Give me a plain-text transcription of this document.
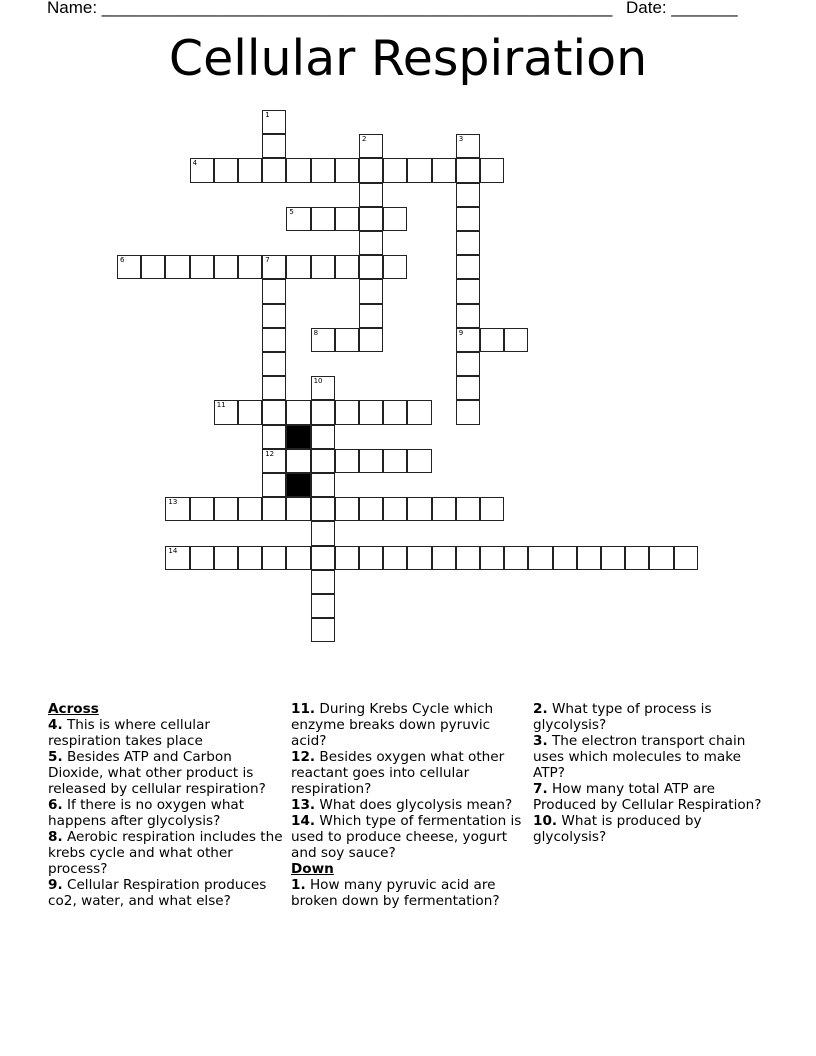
Name: ______________________________________________________ Date: _______
Cellular Respiration
4
5
6	7
8	9
11
12
13
14
1
2	3
10
Across
4. This is where cellular respiration takes place
5. Besides ATP and Carbon Dioxide, what other product is released by cellular respiration?
6. If there is no oxygen what happens after glycolysis?
8. Aerobic respiration includes the krebs cycle and what other process?
9. Cellular Respiration produces co2, water, and what else?
11. During Krebs Cycle which enzyme breaks down pyruvic acid?
12. Besides oxygen what other reactant goes into cellular respiration?
13. What does glycolysis mean?
14. Which type of fermentation is used to produce cheese, yogurt and soy sauce?
Down
1. How many pyruvic acid are broken down by fermentation?
2. What type of process is glycolysis?
3. The electron transport chain uses which molecules to make ATP?
7. How many total ATP are Produced by Cellular Respiration?
10. What is produced by glycolysis?
